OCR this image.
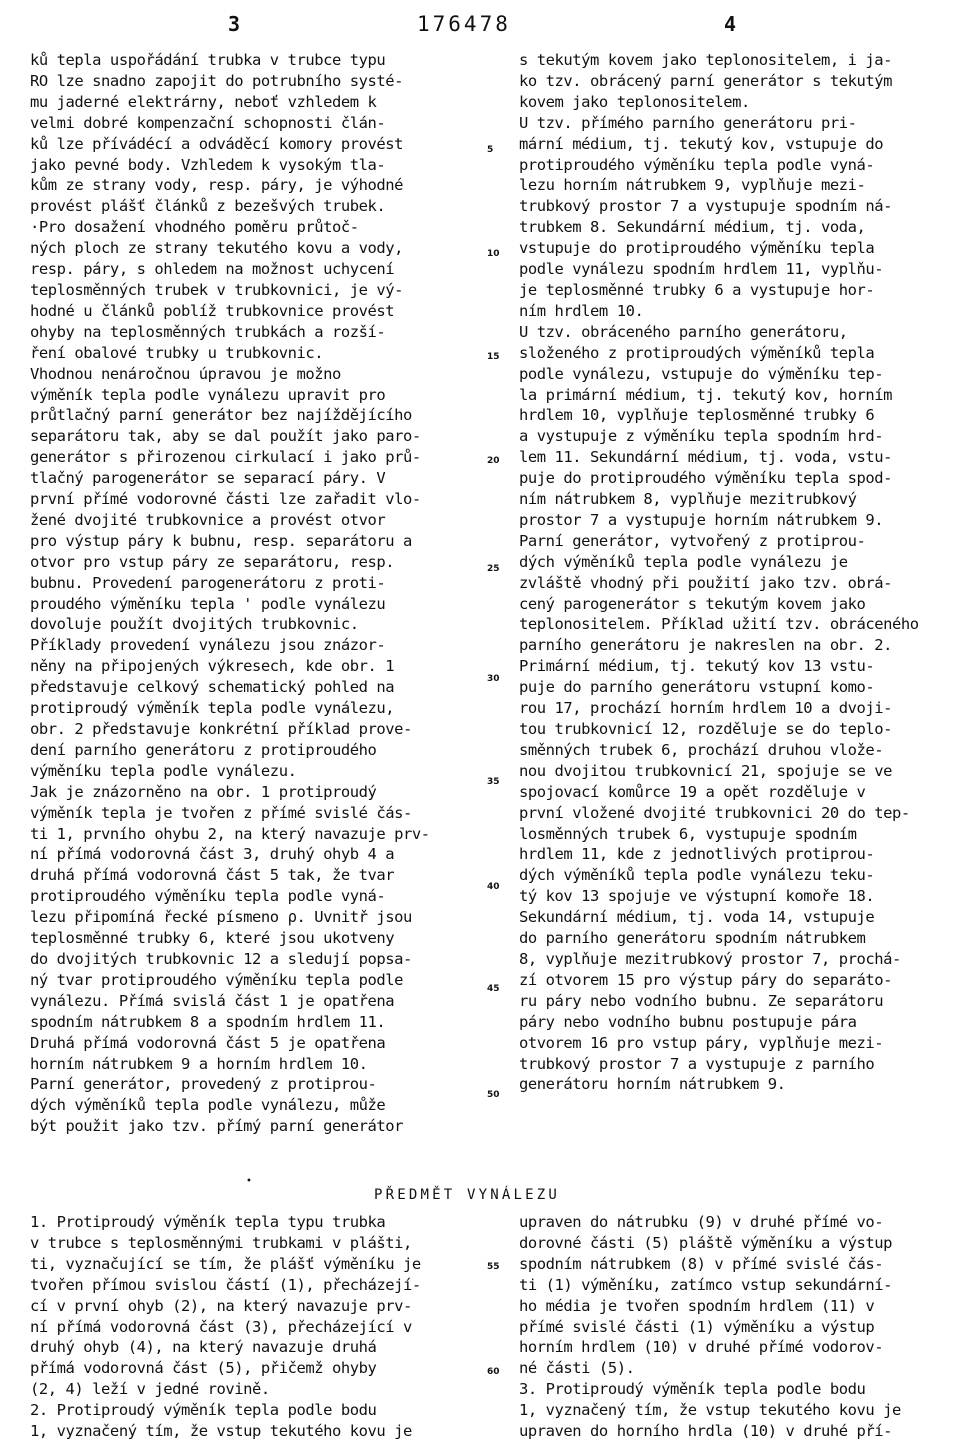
3	176478	4
ků tepla uspořádání trubka v trubce typu
RO lze snadno zapojit do potrubního systé-
mu jaderné elektrárny, neboť vzhledem k
velmi dobré kompenzační schopnosti člán-
ků lze přívádécí a odváděcí komory provést
jako pevné body. Vzhledem k vysokým tla-
kům ze strany vody, resp. páry, je výhodné
provést plášť článků z bezešvých trubek.
·Pro dosažení vhodného poměru průtoč-
ných ploch ze strany tekutého kovu a vody,
resp. páry, s ohledem na možnost uchycení
teplosměnných trubek v trubkovnici, je vý-
hodné u článků poblíž trubkovnice provést
ohyby na teplosměnných trubkách a rozší-
ření obalové trubky u trubkovnic.
Vhodnou nenáročnou úpravou je možno
výměník tepla podle vynálezu upravit pro
průtlačný parní generátor bez najíždějícího
separátoru tak, aby se dal použít jako paro-
generátor s přirozenou cirkulací i jako prů-
tlačný parogenerátor se separací páry. V
první přímé vodorovné části lze zařadit vlo-
žené dvojité trubkovnice a provést otvor
pro výstup páry k bubnu, resp. separátoru a
otvor pro vstup páry ze separátoru, resp.
bubnu. Provedení parogenerátoru z proti-
proudého výměníku tepla ' podle vynálezu
dovoluje použít dvojitých trubkovnic.
Příklady provedení vynálezu jsou znázor-
něny na připojených výkresech, kde obr. 1
představuje celkový schematický pohled na
protiproudý výměník tepla podle vynálezu,
obr. 2 představuje konkrétní příklad prove-
dení parního generátoru z protiproudého
výměníku tepla podle vynálezu.
Jak je znázorněno na obr. 1 protiproudý
výměník tepla je tvořen z přímé svislé čás-
ti 1, prvního ohybu 2, na který navazuje prv-
ní přímá vodorovná část 3, druhý ohyb 4 a
druhá přímá vodorovná část 5 tak, že tvar
protiproudého výměníku tepla podle vyná-
lezu připomíná řecké písmeno ρ. Uvnitř jsou
teplosměnné trubky 6, které jsou ukotveny
do dvojitých trubkovnic 12 a sledují popsa-
ný tvar protiproudého výměníku tepla podle
vynálezu. Přímá svislá část 1 je opatřena
spodním nátrubkem 8 a spodním hrdlem 11.
Druhá přímá vodorovná část 5 je opatřena
horním nátrubkem 9 a horním hrdlem 10.
Parní generátor, provedený z protiprou-
dých výměníků tepla podle vynálezu, může
být použit jako tzv. přímý parní generátor
5
10
15
20
25
30
35
40
45
50
s tekutým kovem jako teplonositelem, i ja-
ko tzv. obrácený parní generátor s tekutým
kovem jako teplonositelem.
U tzv. přímého parního generátoru pri-
mární médium, tj. tekutý kov, vstupuje do
protiproudého výměníku tepla podle vyná-
lezu horním nátrubkem 9, vyplňuje mezi-
trubkový prostor 7 a vystupuje spodním ná-
trubkem 8. Sekundární médium, tj. voda,
vstupuje do protiproudého výměníku tepla
podle vynálezu spodním hrdlem 11, vyplňu-
je teplosměnné trubky 6 a vystupuje hor-
ním hrdlem 10.
U tzv. obráceného parního generátoru,
složeného z protiproudých výměníků tepla
podle vynálezu, vstupuje do výměníku tep-
la primární médium, tj. tekutý kov, horním
hrdlem 10, vyplňuje teplosměnné trubky 6
a vystupuje z výměníku tepla spodním hrd-
lem 11. Sekundární médium, tj. voda, vstu-
puje do protiproudého výměníku tepla spod-
ním nátrubkem 8, vyplňuje mezitrubkový
prostor 7 a vystupuje horním nátrubkem 9.
Parní generátor, vytvořený z protiprou-
dých výměníků tepla podle vynálezu je
zvláště vhodný při použití jako tzv. obrá-
cený parogenerátor s tekutým kovem jako
teplonositelem. Příklad užití tzv. obráceného
parního generátoru je nakreslen na obr. 2.
Primární médium, tj. tekutý kov 13 vstu-
puje do parního generátoru vstupní komo-
rou 17, prochází horním hrdlem 10 a dvoji-
tou trubkovnicí 12, rozděluje se do teplo-
směnných trubek 6, prochází druhou vlože-
nou dvojitou trubkovnicí 21, spojuje se ve
spojovací komůrce 19 a opět rozděluje v
první vložené dvojité trubkovnici 20 do tep-
losměnných trubek 6, vystupuje spodním
hrdlem 11, kde z jednotlivých protiprou-
dých výměníků tepla podle vynálezu teku-
tý kov 13 spojuje ve výstupní komoře 18.
Sekundární médium, tj. voda 14, vstupuje
do parního generátoru spodním nátrubkem
8, vyplňuje mezitrubkový prostor 7, prochá-
zí otvorem 15 pro výstup páry do separáto-
ru páry nebo vodního bubnu. Ze separátoru
páry nebo vodního bubnu postupuje pára
otvorem 16 pro vstup páry, vyplňuje mezi-
trubkový prostor 7 a vystupuje z parního
generátoru horním nátrubkem 9.
•
PŘEDMĚT VYNÁLEZU
1. Protiproudý výměník tepla typu trubka
v trubce s teplosměnnými trubkami v plášti,
ti, vyznačující se tím, že plášť výměníku je
tvořen přímou svislou částí (1), přecházejí-
cí v první ohyb (2), na který navazuje prv-
ní přímá vodorovná část (3), přecházející v
druhý ohyb (4), na který navazuje druhá
přímá vodorovná část (5), přičemž ohyby
(2, 4) leží v jedné rovině.
2. Protiproudý výměník tepla podle bodu
1, vyznačený tím, že vstup tekutého kovu je
55
60
upraven do nátrubku (9) v druhé přímé vo-
dorovné části (5) pláště výměníku a výstup
spodním nátrubkem (8) v přímé svislé čás-
ti (1) výměníku, zatímco vstup sekundární-
ho média je tvořen spodním hrdlem (11) v
přímé svislé části (1) výměníku a výstup
horním hrdlem (10) v druhé přímé vodorov-
né části (5).
3. Protiproudý výměník tepla podle bodu
1, vyznačený tím, že vstup tekutého kovu je
upraven do horního hrdla (10) v druhé pří-
